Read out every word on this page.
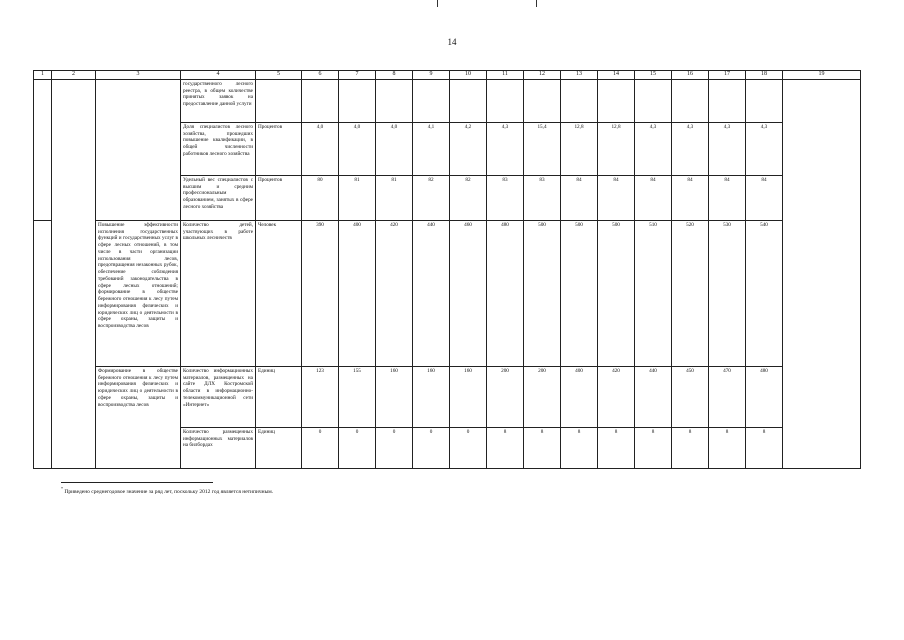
14
1	2	3	4	5	6	7	8	9	10	11	12	13	14	15	16	17	18	19
			государственного лесного реестра, в общем количестве принятых заявок на предоставление данной услуги															
			Доля специалистов лесного хозяйства, прошедших повышение квалификации, в общей численности работников лесного хозяйства	Процентов	4,0	4,0	4,0	4,1	4,2	4,3	15,4	12,8	12,8	4,3	4,3	4,3	4,3	
			Удельный вес специалистов с высшим и средним профессиональным образованием, занятых в сфере лесного хозяйства	Процентов	80	81	81	82	82	83	83	84	84	84	84	84	84	
		Повышение эффективности исполнения государственных функций и государственных услуг в сфере лесных отношений, в том числе в части организации использования лесов, предотвращения незаконных рубок, обеспечение соблюдения требований законодательства в сфере лесных отношений; формирование в обществе бережного отношения к лесу путем информирования физических и юридических лиц о деятельности в сфере охраны, защиты и воспроизводства лесов	Количество детей, участвующих в работе школьных лесничеств	Человек	390	400	420	440	460	480	500	500	500	510	520	530	540	
		Формирование в обществе бережного отношения к лесу путем информирования физических и юридических лиц о деятельности в сфере охраны, защиты и воспроизводства лесов	Количество информационных материалов, размещенных на сайте ДЛХ Костромской области в информационно-телекоммуникационной сети «Интернет»	Единиц	123	155	160	160	160	200	200	400	420	440	450	470	480	
			Количество размещенных информационных материалов на билбордах	Единиц	0	0	0	0	0	8	8	8	8	8	8	8	8	
* Приведено среднегодовое значение за ряд лет, поскольку 2012 год является нетипичным.
